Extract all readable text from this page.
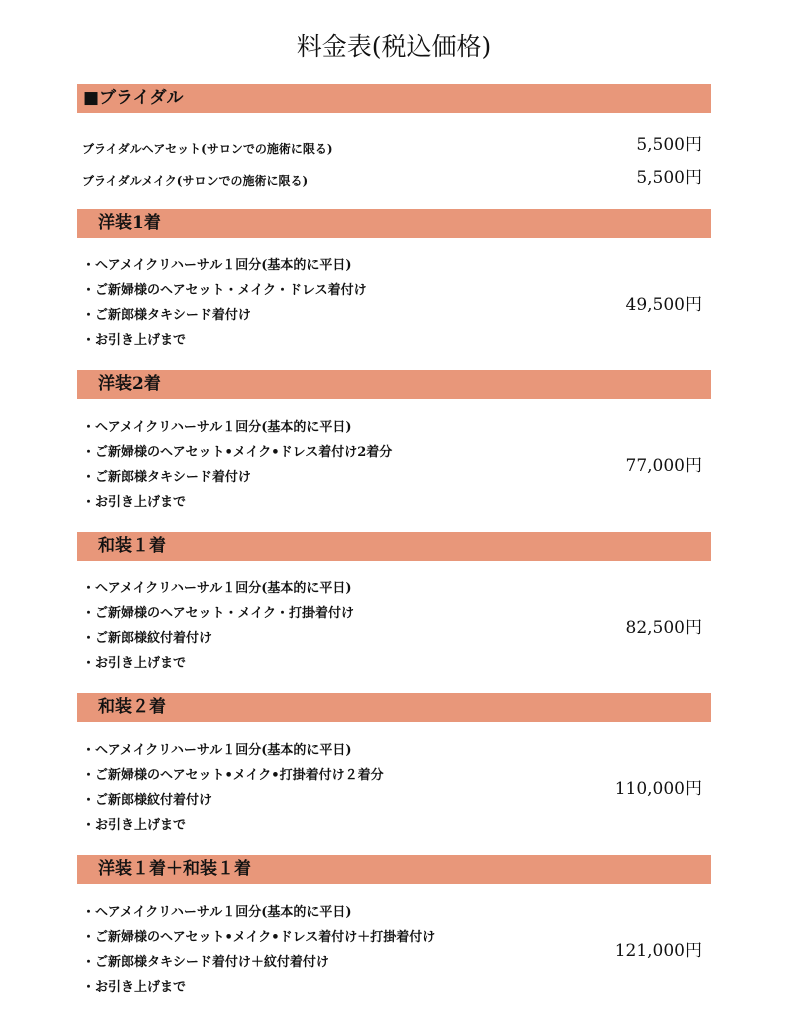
料金表(税込価格)
■ブライダル
ブライダルヘアセット(サロンでの施術に限る)	5,500円
ブライダルメイク(サロンでの施術に限る)	5,500円
洋装1着
・ヘアメイクリハーサル１回分(基本的に平日)
・ご新婦様のヘアセット・メイク・ドレス着付け
・ご新郎様タキシード着付け
・お引き上げまで
49,500円
洋装2着
・ヘアメイクリハーサル１回分(基本的に平日)
・ご新婦様のヘアセット•メイク•ドレス着付け2着分
・ご新郎様タキシード着付け
・お引き上げまで
77,000円
和装１着
・ヘアメイクリハーサル１回分(基本的に平日)
・ご新婦様のヘアセット・メイク・打掛着付け
・ご新郎様紋付着付け
・お引き上げまで
82,500円
和装２着
・ヘアメイクリハーサル１回分(基本的に平日)
・ご新婦様のヘアセット•メイク•打掛着付け２着分
・ご新郎様紋付着付け
・お引き上げまで
110,000円
洋装１着＋和装１着
・ヘアメイクリハーサル１回分(基本的に平日)
・ご新婦様のヘアセット•メイク•ドレス着付け＋打掛着付け
・ご新郎様タキシード着付け＋紋付着付け
・お引き上げまで
121,000円
